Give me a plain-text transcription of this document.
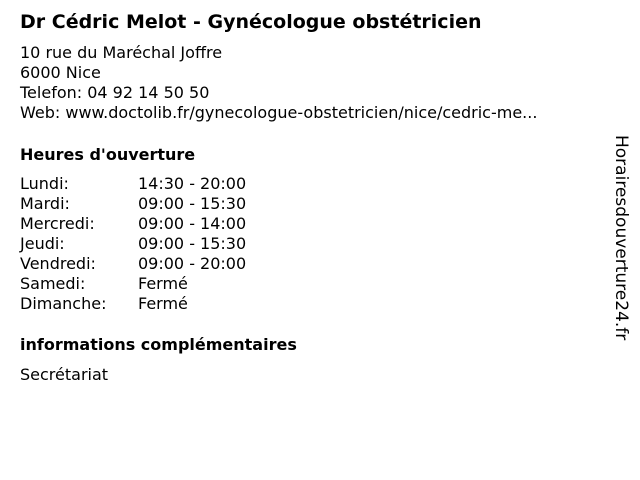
Dr Cédric Melot - Gynécologue obstétricien
10 rue du Maréchal Joffre
6000 Nice
Telefon: 04 92 14 50 50
Web: www.doctolib.fr/gynecologue-obstetricien/nice/cedric-me...
Heures d'ouverture
Lundi:	14:30 - 20:00
Mardi:	09:00 - 15:30
Mercredi:	09:00 - 14:00
Jeudi:	09:00 - 15:30
Vendredi:	09:00 - 20:00
Samedi:	Fermé
Dimanche:	Fermé
informations complémentaires
Secrétariat
Horairesdouverture24.fr
